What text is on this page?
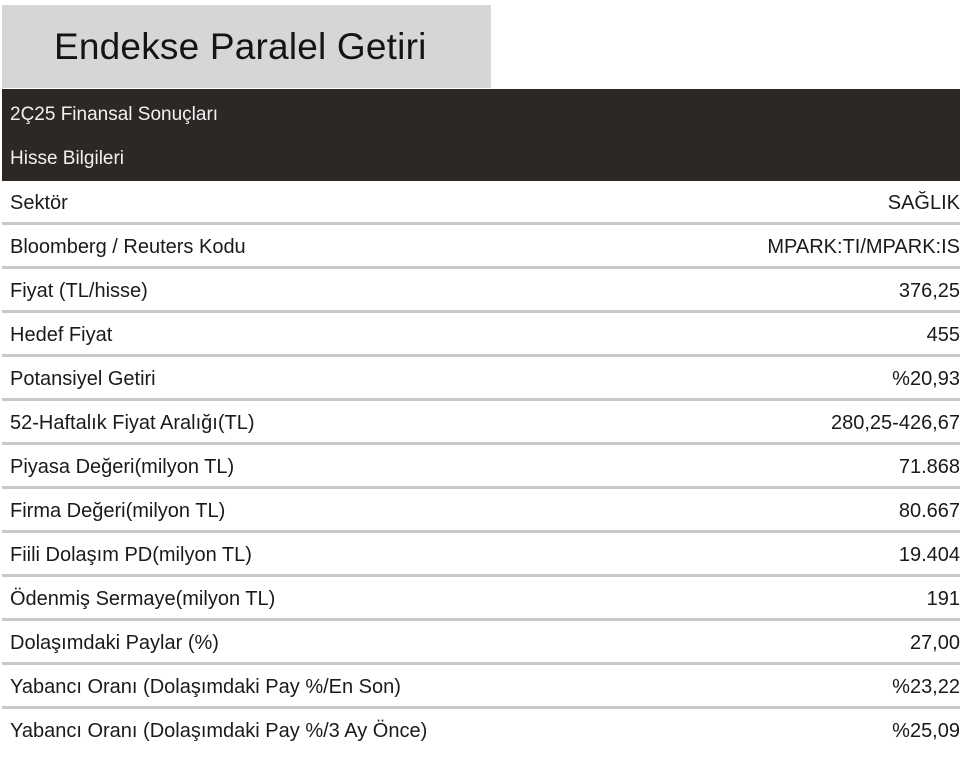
Endekse Paralel Getiri
2Ç25 Finansal Sonuçları
Hisse Bilgileri
Sektör	SAĞLIK
Bloomberg / Reuters Kodu	MPARK:TI/MPARK:IS
Fiyat (TL/hisse)	376,25
Hedef Fiyat	455
Potansiyel Getiri	%20,93
52-Haftalık Fiyat Aralığı(TL)	280,25-426,67
Piyasa Değeri(milyon TL)	71.868
Firma Değeri(milyon TL)	80.667
Fiili Dolaşım PD(milyon TL)	19.404
Ödenmiş Sermaye(milyon TL)	191
Dolaşımdaki Paylar (%)	27,00
Yabancı Oranı (Dolaşımdaki Pay %/En Son)	%23,22
Yabancı Oranı (Dolaşımdaki Pay %/3 Ay Önce)	%25,09
